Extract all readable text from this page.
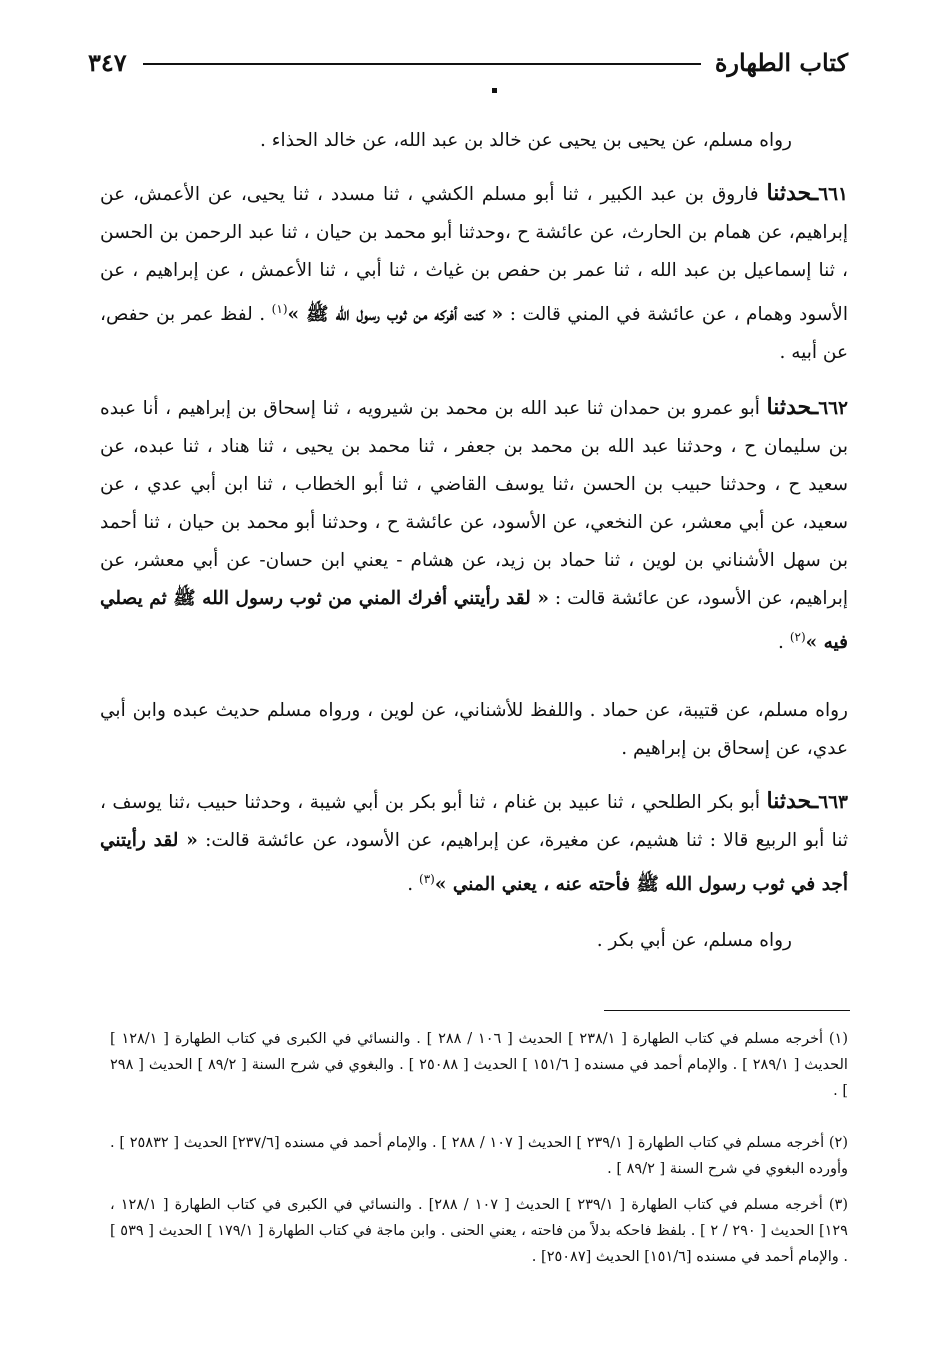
كتاب الطهارة
٣٤٧
رواه مسلم، عن يحيى بن يحيى عن خالد بن عبد الله، عن خالد الحذاء .
٦٦١ـحدثنا فاروق بن عبد الكبير ، ثنا أبو مسلم الكشي ، ثنا مسدد ، ثنا يحيى، عن الأعمش، عن إبراهيم، عن همام بن الحارث، عن عائشة ح ،وحدثنا أبو محمد بن حيان ، ثنا عبد الرحمن بن الحسن ، ثنا إسماعيل بن عبد الله ، ثنا عمر بن حفص بن غياث ، ثنا أبي ، ثنا الأعمش ، عن إبراهيم ، عن الأسود وهمام ، عن عائشة في المني قالت : « كنت أفركه من ثوب رسول الله ﷺ »$^{(١)}$ . لفظ عمر بن حفص، عن أبيه .
٦٦٢ـحدثنا أبو عمرو بن حمدان ثنا عبد الله بن محمد بن شيرويه ، ثنا إسحاق بن إبراهيم ، أنا عبده بن سليمان ح ، وحدثنا عبد الله بن محمد بن جعفر ، ثنا محمد بن يحيى ، ثنا هناد ، ثنا عبده، عن سعيد ح ، وحدثنا حبيب بن الحسن ،ثنا يوسف القاضي ، ثنا أبو الخطاب ، ثنا ابن أبي عدي ، عن سعيد، عن أبي معشر، عن النخعي، عن الأسود، عن عائشة ح ، وحدثنا أبو محمد بن حيان ، ثنا أحمد بن سهل الأشناني بن لوين ، ثنا حماد بن زيد، عن هشام - يعني ابن حسان- عن أبي معشر، عن إبراهيم، عن الأسود، عن عائشة قالت : « لقد رأيتني أفرك المني من ثوب رسول الله ﷺ ثم يصلي فيه »$^{(٢)}$ .
رواه مسلم، عن قتيبة، عن حماد . واللفظ للأشناني، عن لوين ، ورواه مسلم حديث عبده وابن أبي عدي، عن إسحاق بن إبراهيم .
٦٦٣ـحدثنا أبو بكر الطلحي ، ثنا عبيد بن غنام ، ثنا أبو بكر بن أبي شيبة ، وحدثنا حبيب ،ثنا يوسف ، ثنا أبو الربيع قالا : ثنا هشيم، عن مغيرة، عن إبراهيم، عن الأسود، عن عائشة قالت: « لقد رأيتني أجد في ثوب رسول الله ﷺ فأحته عنه ، يعني المني »$^{(٣)}$ .
رواه مسلم، عن أبي بكر .
(١) أخرجه مسلم في كتاب الطهارة [ ٢٣٨/١ ] الحديث [ ١٠٦ / ٢٨٨ ] . والنسائي في الكبرى في كتاب الطهارة [ ١٢٨/١ ] الحديث [ ٢٨٩/١ ] . والإمام أحمد في مسنده [ ١٥١/٦ ] الحديث [ ٢٥٠٨٨ ] . والبغوي في شرح السنة [ ٨٩/٢ ] الحديث [ ٢٩٨ ] .
(٢) أخرجه مسلم في كتاب الطهارة [ ٢٣٩/١ ] الحديث [ ١٠٧ / ٢٨٨ ] . والإمام أحمد في مسنده [٢٣٧/٦] الحديث [ ٢٥٨٣٢ ] . وأورده البغوي في شرح السنة [ ٨٩/٢ ] .
(٣) أخرجه مسلم في كتاب الطهارة [ ٢٣٩/١ ] الحديث [ ١٠٧ / ٢٨٨] . والنسائي في الكبرى في كتاب الطهارة [ ١٢٨/١ ، ١٢٩] الحديث [ ٢٩٠ / ٢ ] . بلفظ فاحكه بدلاً من فاحته ، يعني الحنى . وابن ماجة في كتاب الطهارة [ ١٧٩/١ ] الحديث [ ٥٣٩ ] . والإمام أحمد في مسنده [١٥١/٦] الحديث [٢٥٠٨٧] .
